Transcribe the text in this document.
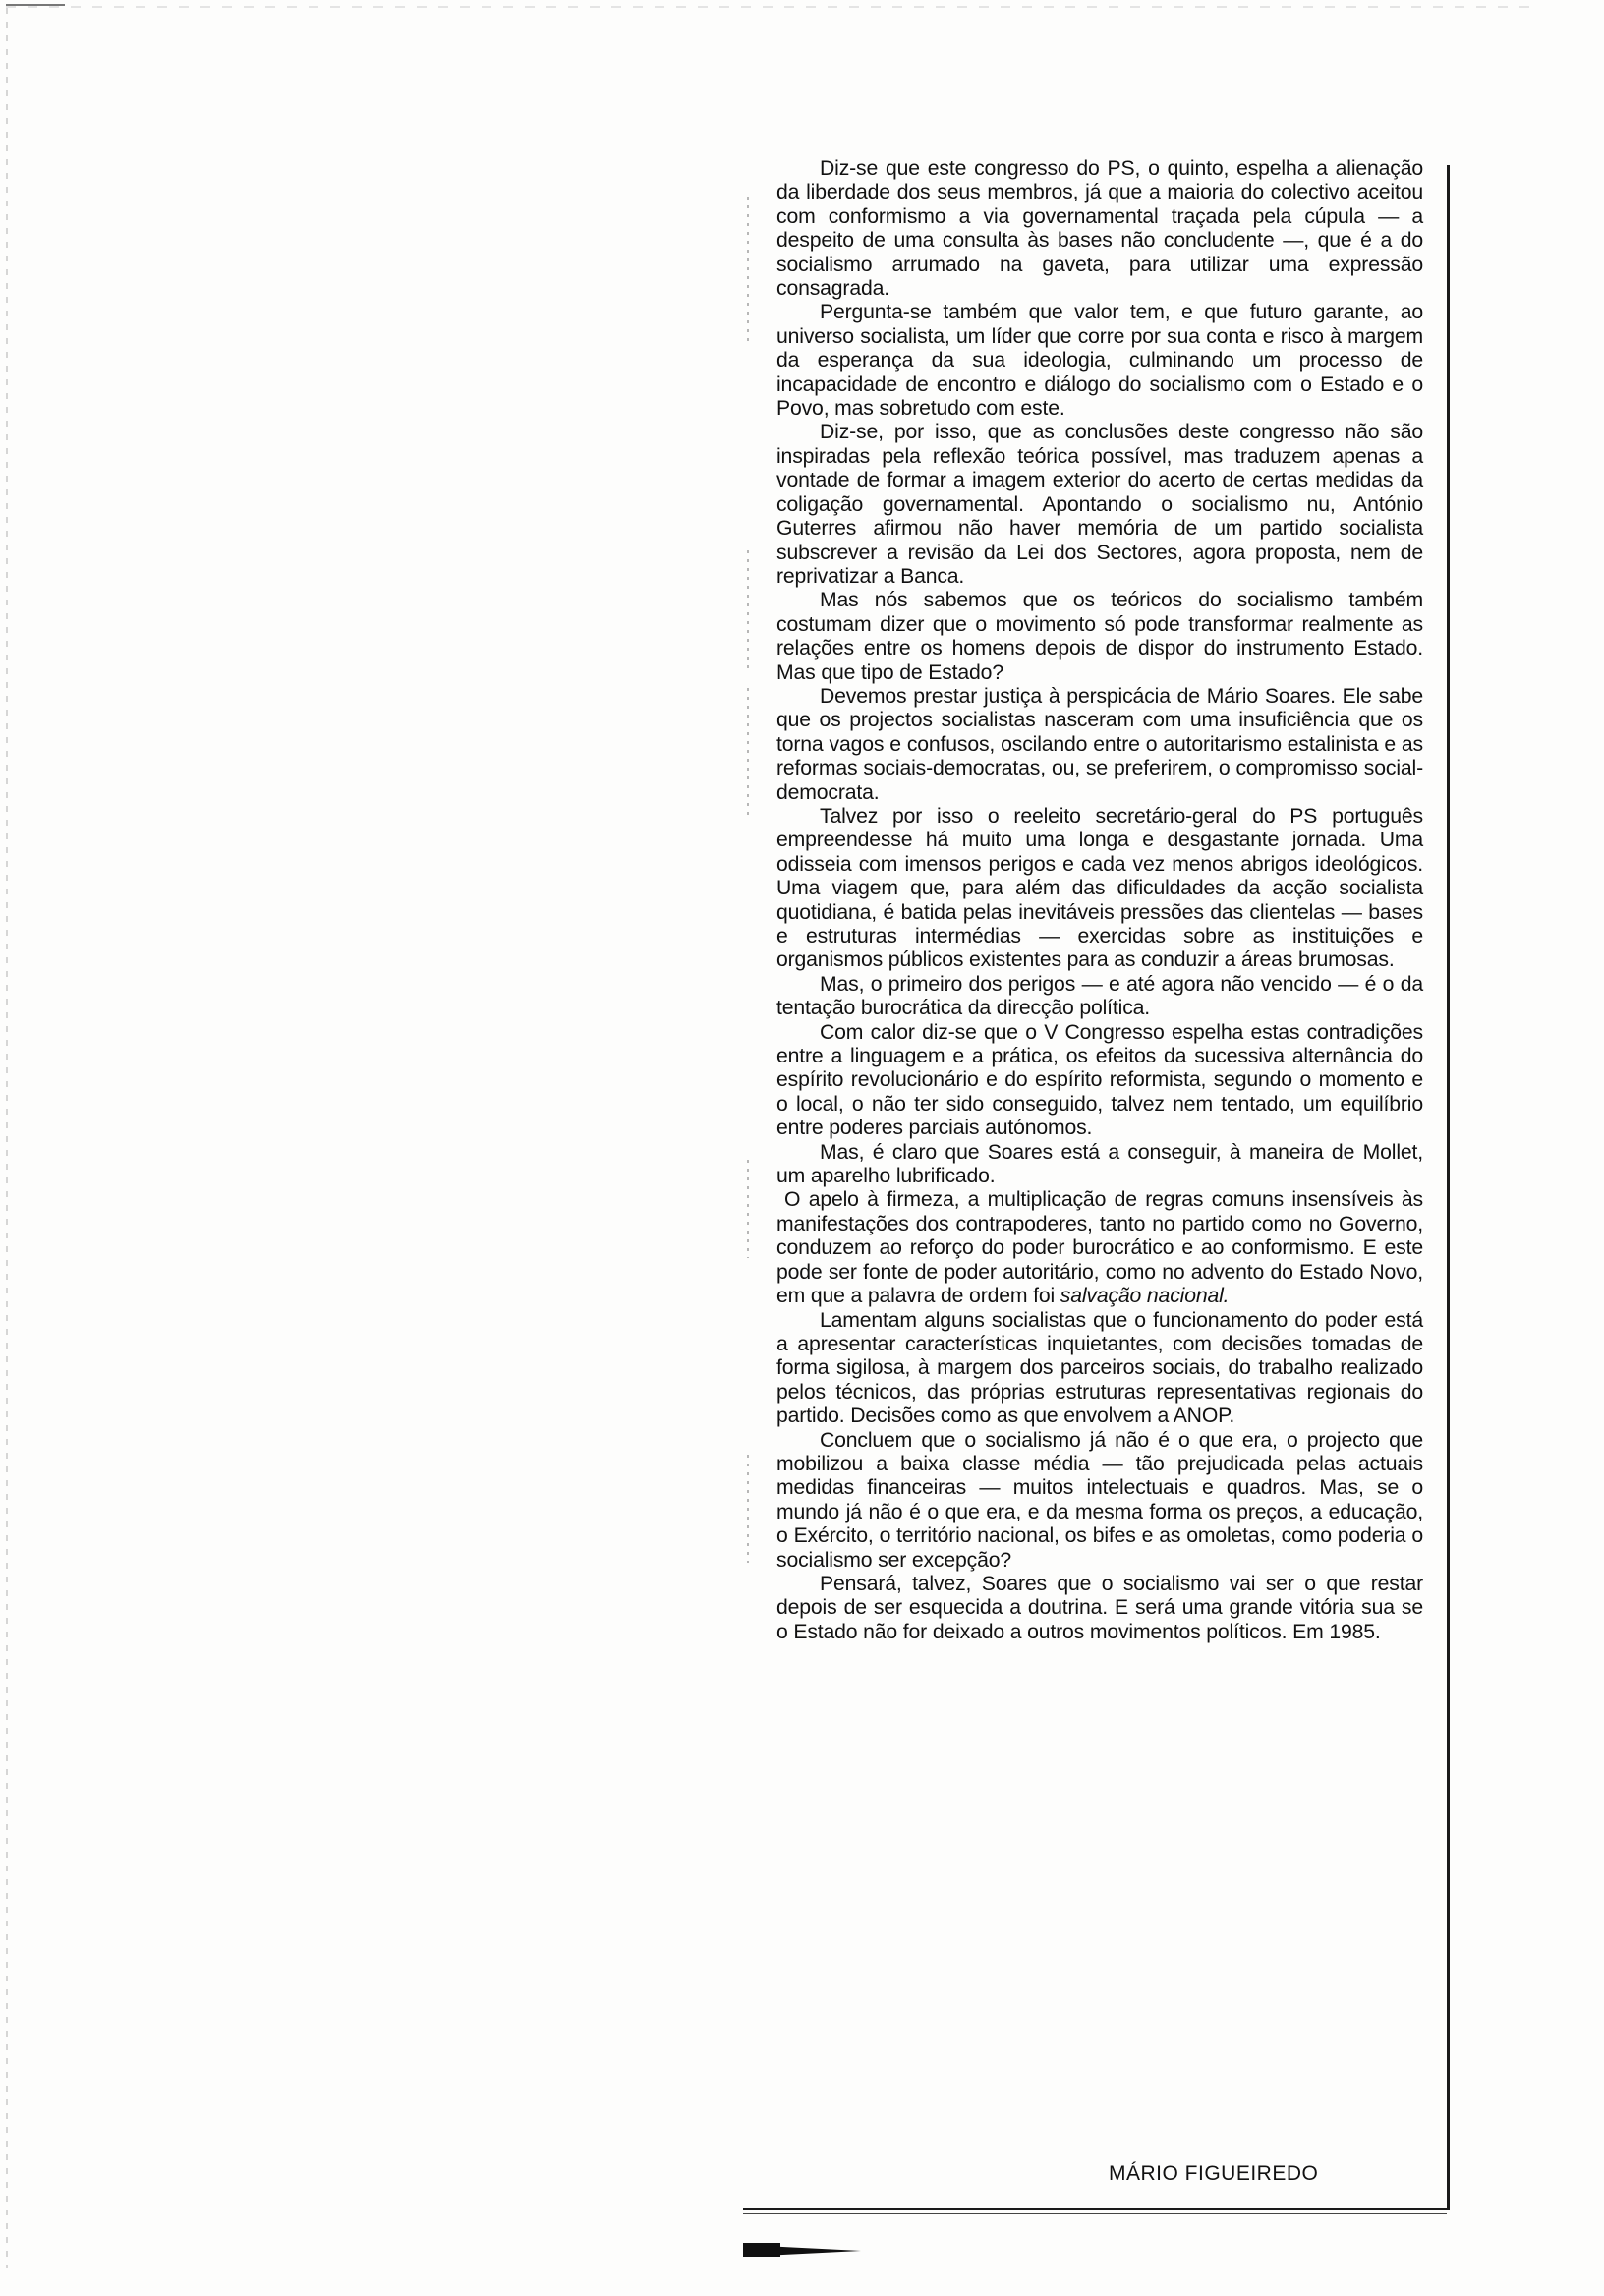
Diz-se que este congresso do PS, o quinto, espelha a alienação da liberdade dos seus membros, já que a maioria do colectivo aceitou com conformismo a via governamental traçada pela cúpula — a despeito de uma consulta às bases não concludente —, que é a do socialismo arrumado na gaveta, para utilizar uma expressão consagrada.

Pergunta-se também que valor tem, e que futuro garante, ao universo socialista, um líder que corre por sua conta e risco à margem da esperança da sua ideologia, culminando um processo de incapacidade de encontro e diálogo do socialismo com o Estado e o Povo, mas sobretudo com este.

Diz-se, por isso, que as conclusões deste congresso não são inspiradas pela reflexão teórica possível, mas traduzem apenas a vontade de formar a imagem exterior do acerto de certas medidas da coligação governamental. Apontando o socialismo nu, António Guterres afirmou não haver memória de um partido socialista subscrever a revisão da Lei dos Sectores, agora proposta, nem de reprivatizar a Banca.

Mas nós sabemos que os teóricos do socialismo também costumam dizer que o movimento só pode transformar realmente as relações entre os homens depois de dispor do instrumento Estado. Mas que tipo de Estado?

Devemos prestar justiça à perspicácia de Mário Soares. Ele sabe que os projectos socialistas nasceram com uma insuficiência que os torna vagos e confusos, oscilando entre o autoritarismo estalinista e as reformas sociais-democratas, ou, se preferirem, o compromisso social-democrata.

Talvez por isso o reeleito secretário-geral do PS português empreendesse há muito uma longa e desgastante jornada. Uma odisseia com imensos perigos e cada vez menos abrigos ideológicos. Uma viagem que, para além das dificuldades da acção socialista quotidiana, é batida pelas inevitáveis pressões das clientelas — bases e estruturas intermédias — exercidas sobre as instituições e organismos públicos existentes para as conduzir a áreas brumosas.

Mas, o primeiro dos perigos — e até agora não vencido — é o da tentação burocrática da direcção política.

Com calor diz-se que o V Congresso espelha estas contradições entre a linguagem e a prática, os efeitos da sucessiva alternância do espírito revolucionário e do espírito reformista, segundo o momento e o local, o não ter sido conseguido, talvez nem tentado, um equilíbrio entre poderes parciais autónomos.

Mas, é claro que Soares está a conseguir, à maneira de Mollet, um aparelho lubrificado.

O apelo à firmeza, a multiplicação de regras comuns insensíveis às manifestações dos contrapoderes, tanto no partido como no Governo, conduzem ao reforço do poder burocrático e ao conformismo. E este pode ser fonte de poder autoritário, como no advento do Estado Novo, em que a palavra de ordem foi salvação nacional.

Lamentam alguns socialistas que o funcionamento do poder está a apresentar características inquietantes, com decisões tomadas de forma sigilosa, à margem dos parceiros sociais, do trabalho realizado pelos técnicos, das próprias estruturas representativas regionais do partido. Decisões como as que envolvem a ANOP.

Concluem que o socialismo já não é o que era, o projecto que mobilizou a baixa classe média — tão prejudicada pelas actuais medidas financeiras — muitos intelectuais e quadros. Mas, se o mundo já não é o que era, e da mesma forma os preços, a educação, o Exército, o território nacional, os bifes e as omoletas, como poderia o socialismo ser excepção?

Pensará, talvez, Soares que o socialismo vai ser o que restar depois de ser esquecida a doutrina. E será uma grande vitória sua se o Estado não for deixado a outros movimentos políticos. Em 1985.

MÁRIO FIGUEIREDO
